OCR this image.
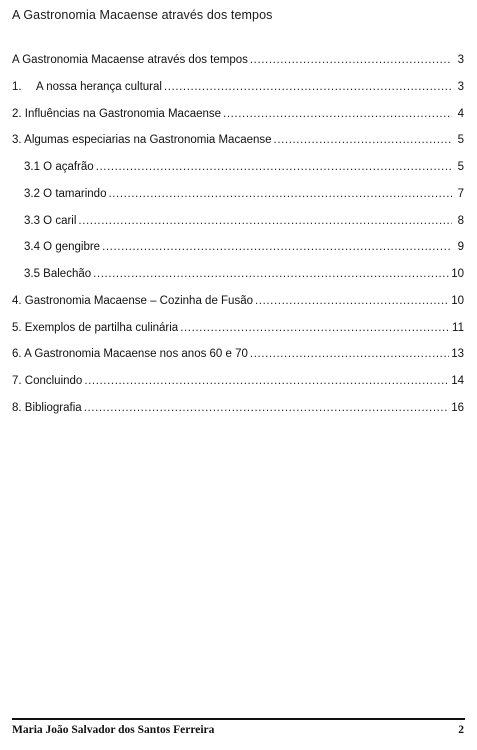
A Gastronomia Macaense através dos tempos
A Gastronomia Macaense através dos tempos .....	3
1. A nossa herança cultural .....	3
2. Influências na Gastronomia Macaense .....	4
3. Algumas especiarias na Gastronomia Macaense .....	5
3.1 O açafrão .....	5
3.2 O tamarindo .....	7
3.3 O caril .....	8
3.4 O gengibre .....	9
3.5 Balechão .....	10
4. Gastronomia Macaense – Cozinha de Fusão .....	10
5. Exemplos de partilha culinária .....	11
6. A Gastronomia Macaense nos anos 60 e 70 .....	13
7. Concluindo .....	14
8. Bibliografia .....	16
Maria João Salvador dos Santos Ferreira	2
